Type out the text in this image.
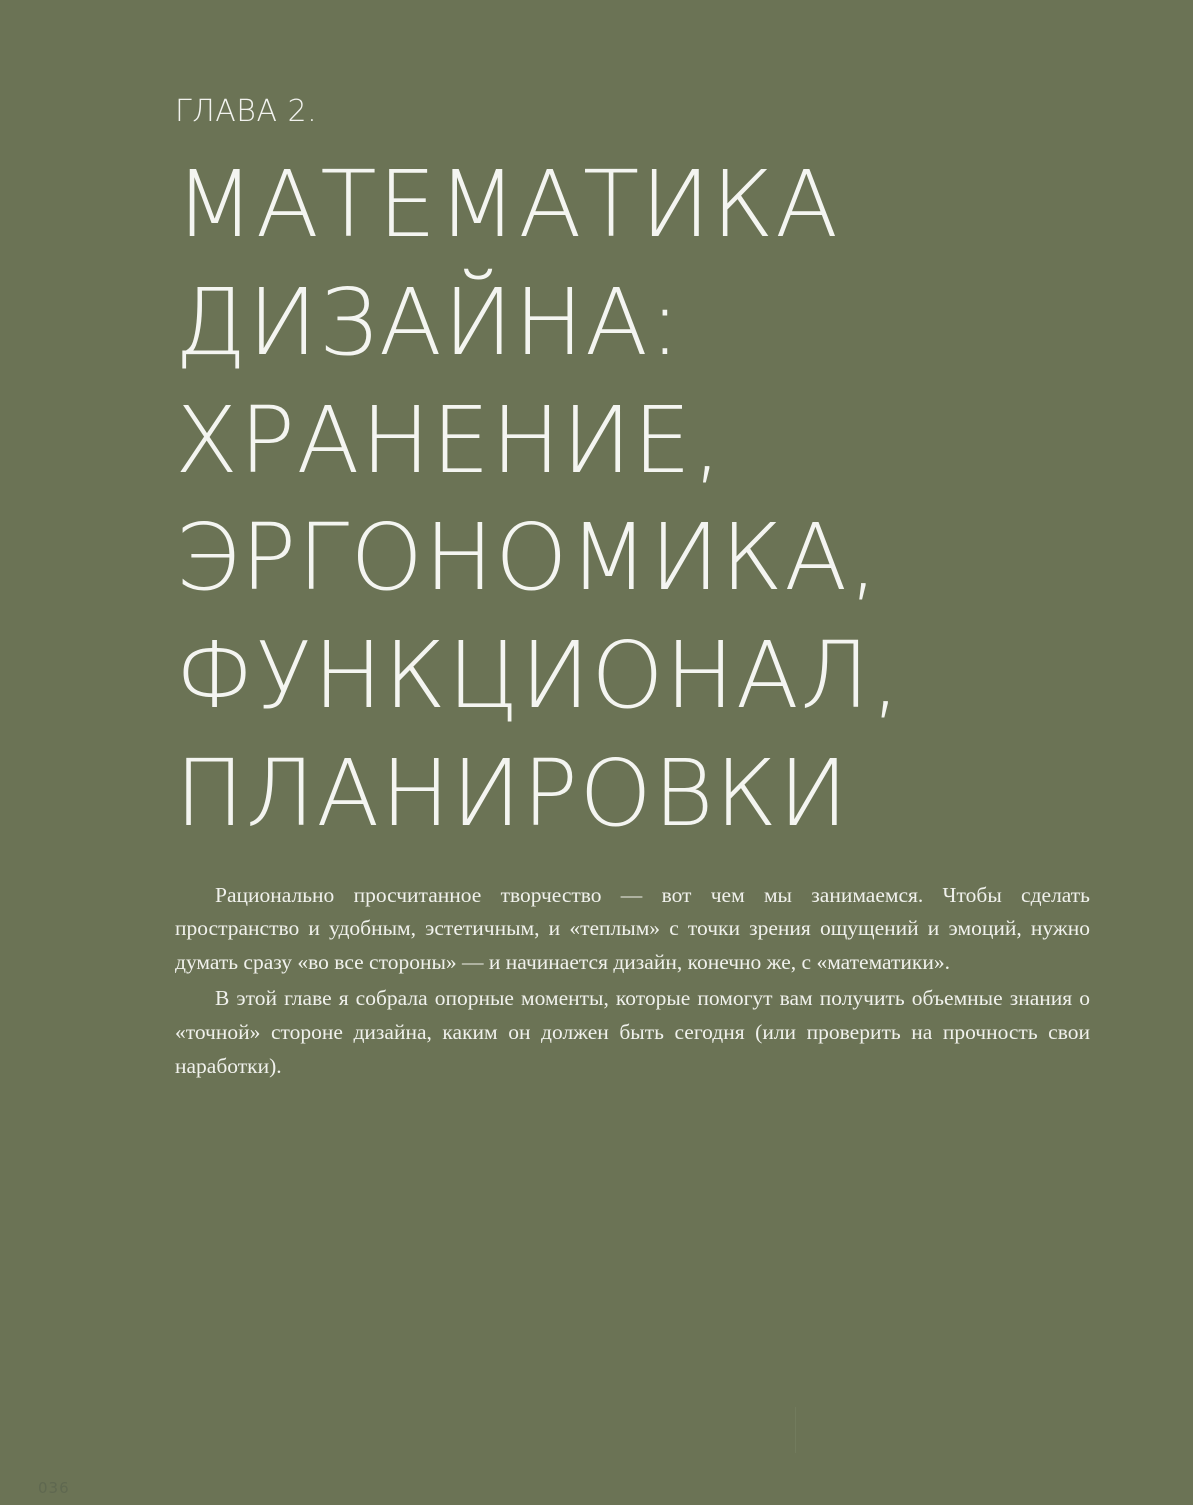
ГЛАВА 2.
МАТЕМАТИКА ДИЗАЙНА: ХРАНЕНИЕ, ЭРГОНОМИКА, ФУНКЦИОНАЛ, ПЛАНИРОВКИ

Рационально просчитанное творчество — вот чем мы занимаемся. Чтобы сделать пространство и удобным, эстетичным, и «теплым» с точки зрения ощущений и эмоций, нужно думать сразу «во все стороны» — и начинается дизайн, конечно же, с «математики».

В этой главе я собрала опорные моменты, которые помогут вам получить объемные знания о «точной» стороне дизайна, каким он должен быть сегодня (или проверить на прочность свои наработки).

036
